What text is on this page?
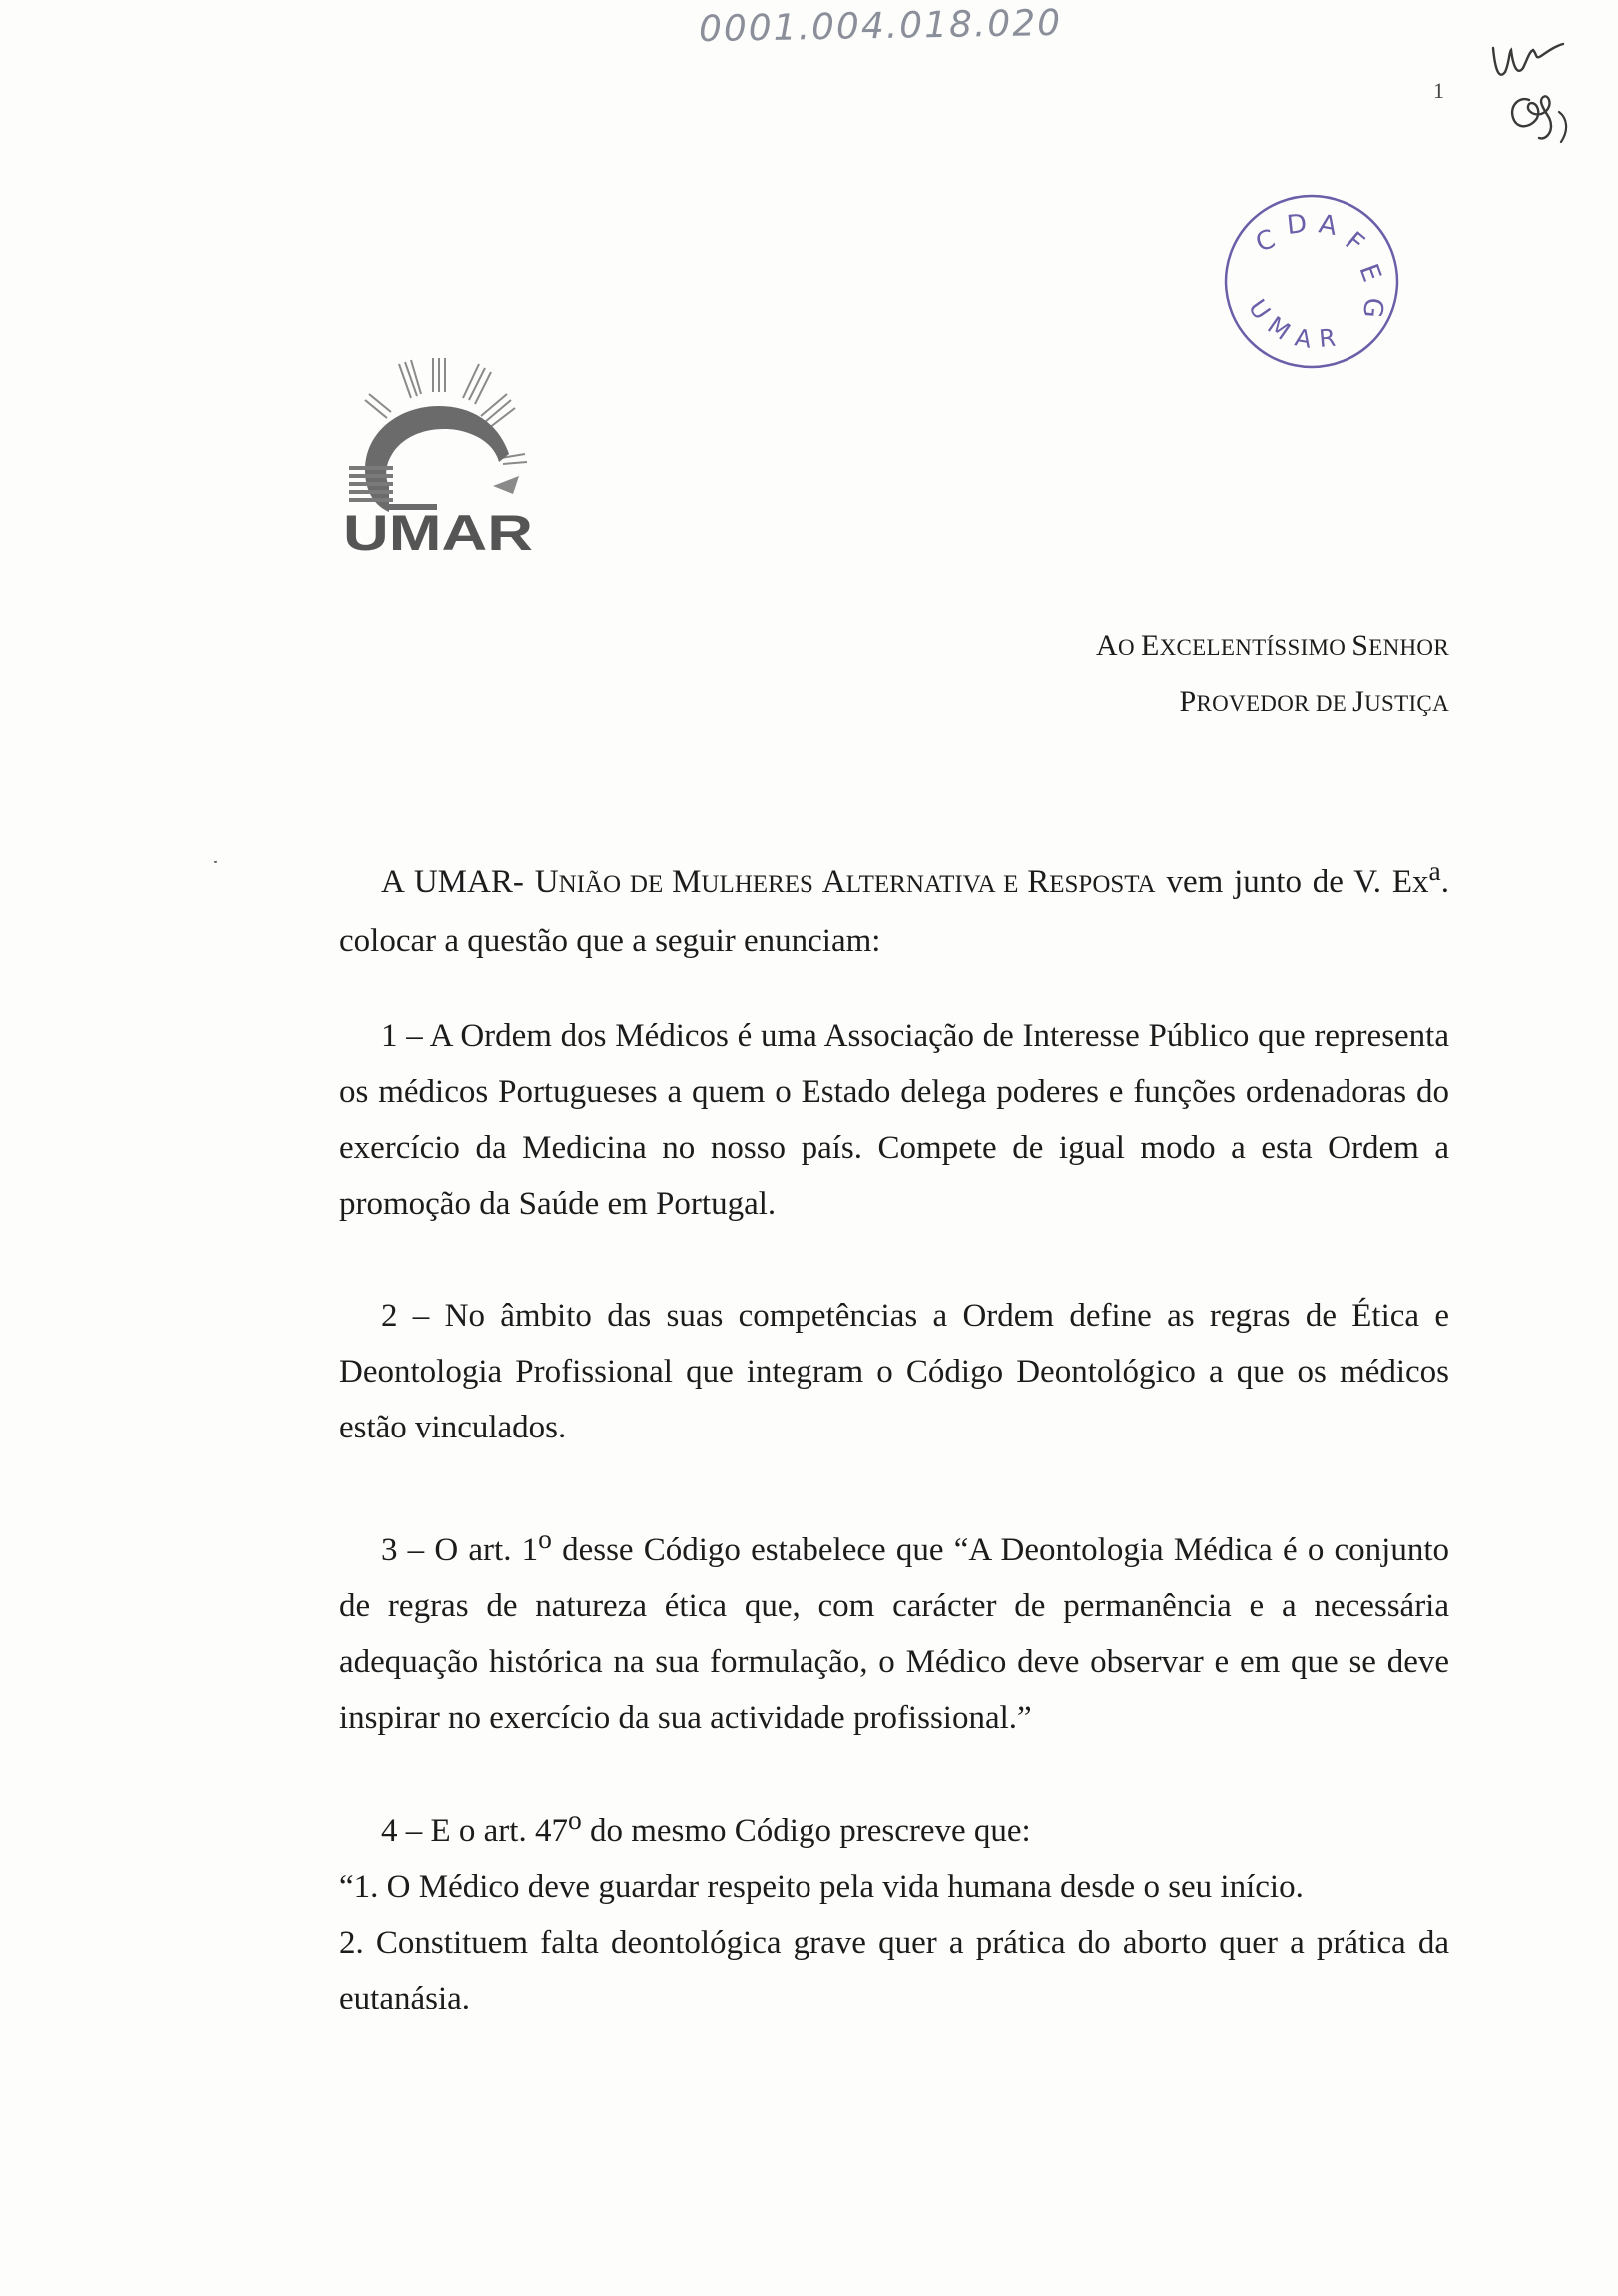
0001.004.018.020
1
C D A
F
E
G
U
M
A R
UMAR
AO EXCELENTÍSSIMO SENHOR
PROVEDOR DE JUSTIÇA

A UMAR- UNIÃO DE MULHERES ALTERNATIVA E RESPOSTA vem junto de V. Ex$^a$. colocar a questão que a seguir enunciam:

1 – A Ordem dos Médicos é uma Associação de Interesse Público que representa os médicos Portugueses a quem o Estado delega poderes e funções ordenadoras do exercício da Medicina no nosso país. Compete de igual modo a esta Ordem a promoção da Saúde em Portugal.

2 – No âmbito das suas competências a Ordem define as regras de Ética e Deontologia Profissional que integram o Código Deontológico a que os médicos estão vinculados.

3 – O art. 1$^o$ desse Código estabelece que “A Deontologia Médica é o conjunto de regras de natureza ética que, com carácter de permanência e a necessária adequação histórica na sua formulação, o Médico deve observar e em que se deve inspirar no exercício da sua actividade profissional.”

4 – E o art. 47$^o$ do mesmo Código prescreve que:

“1. O Médico deve guardar respeito pela vida humana desde o seu início.

2. Constituem falta deontológica grave quer a prática do aborto quer a prática da eutanásia.
